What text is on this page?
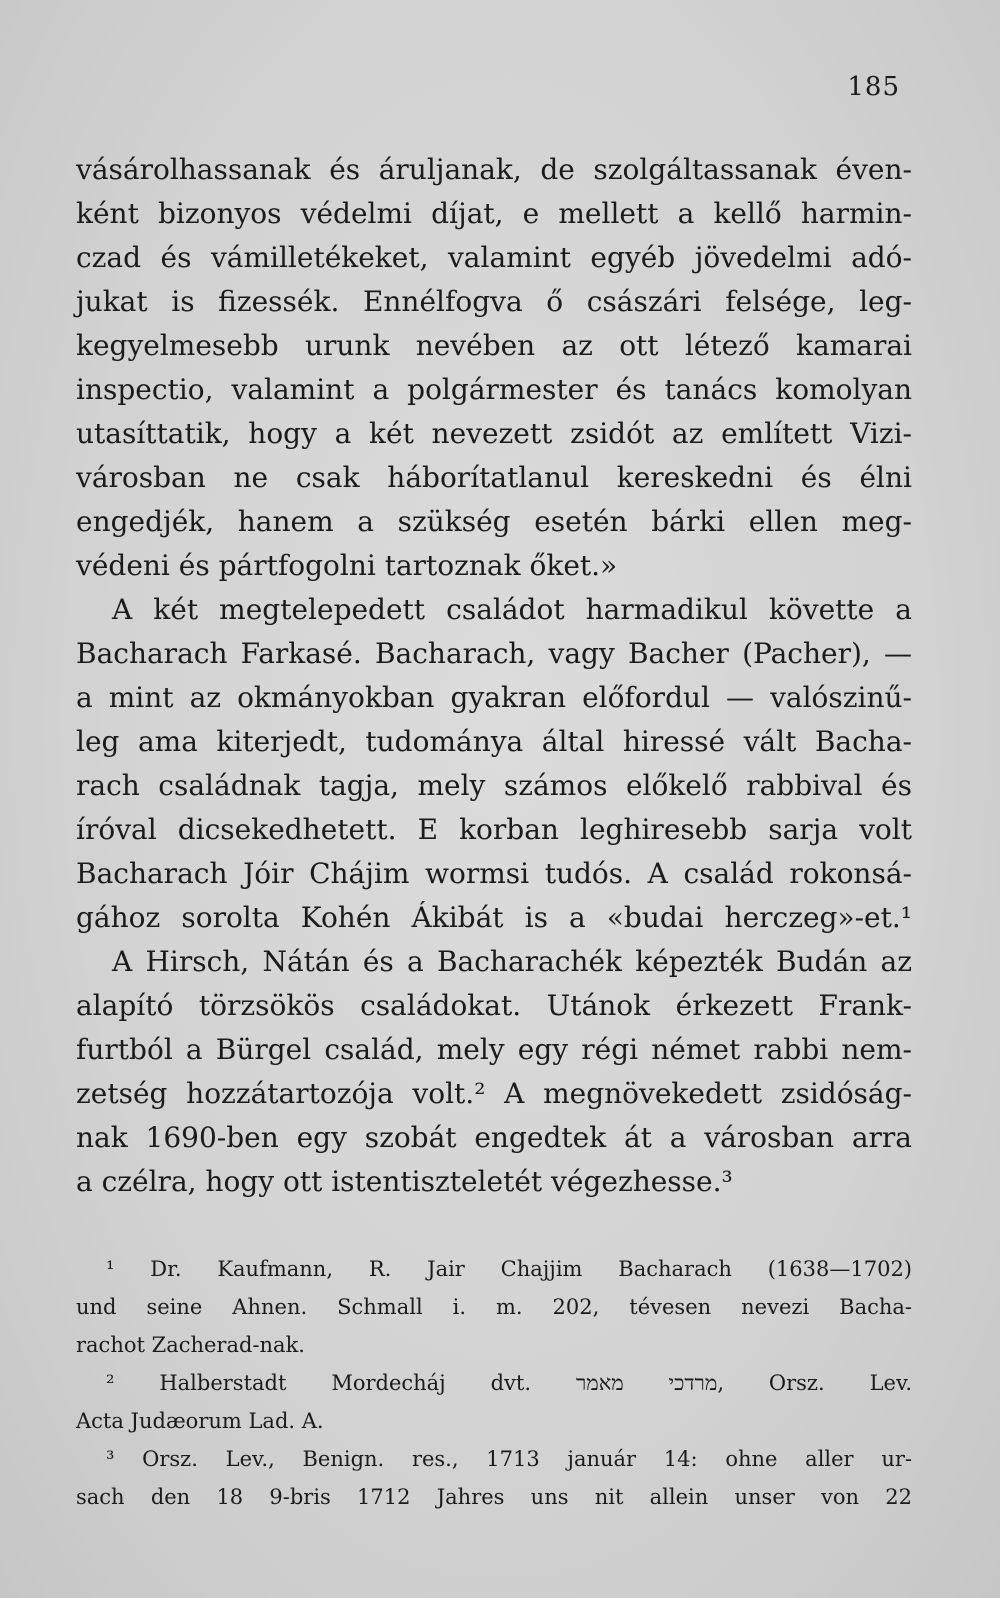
185
vásárolhassanak és áruljanak, de szolgáltassanak éven-
ként bizonyos védelmi díjat, e mellett a kellő harmin-
czad és vámilletékeket, valamint egyéb jövedelmi adó-
jukat is fizessék. Ennélfogva ő császári felsége, leg-
kegyelmesebb urunk nevében az ott létező kamarai
inspectio, valamint a polgármester és tanács komolyan
utasíttatik, hogy a két nevezett zsidót az említett Vizi-
városban ne csak háborítatlanul kereskedni és élni
engedjék, hanem a szükség esetén bárki ellen meg-
védeni és pártfogolni tartoznak őket.»
A két megtelepedett családot harmadikul követte a
Bacharach Farkasé. Bacharach, vagy Bacher (Pacher), —
a mint az okmányokban gyakran előfordul — valószinű-
leg ama kiterjedt, tudománya által hiressé vált Bacha-
rach családnak tagja, mely számos előkelő rabbival és
íróval dicsekedhetett. E korban leghiresebb sarja volt
Bacharach Jóir Chájim wormsi tudós. A család rokonsá-
gához sorolta Kohén Ákibát is a «budai herczeg»-et.¹
A Hirsch, Nátán és a Bacharachék képezték Budán az
alapító törzsökös családokat. Utánok érkezett Frank-
furtból a Bürgel család, mely egy régi német rabbi nem-
zetség hozzátartozója volt.² A megnövekedett zsidóság-
nak 1690-ben egy szobát engedtek át a városban arra
a czélra, hogy ott istentiszteletét végezhesse.³
¹ Dr. Kaufmann, R. Jair Chajjim Bacharach (1638—1702)
und seine Ahnen. Schmall i. m. 202, tévesen nevezi Bacha-
rachot Zacherad-nak.
² Halberstadt Mordecháj dvt. מרדכי מאמר, Orsz. Lev.
Acta Judæorum Lad. A.
³ Orsz. Lev., Benign. res., 1713 január 14: ohne aller ur-
sach den 18 9-bris 1712 Jahres uns nit allein unser von 22
